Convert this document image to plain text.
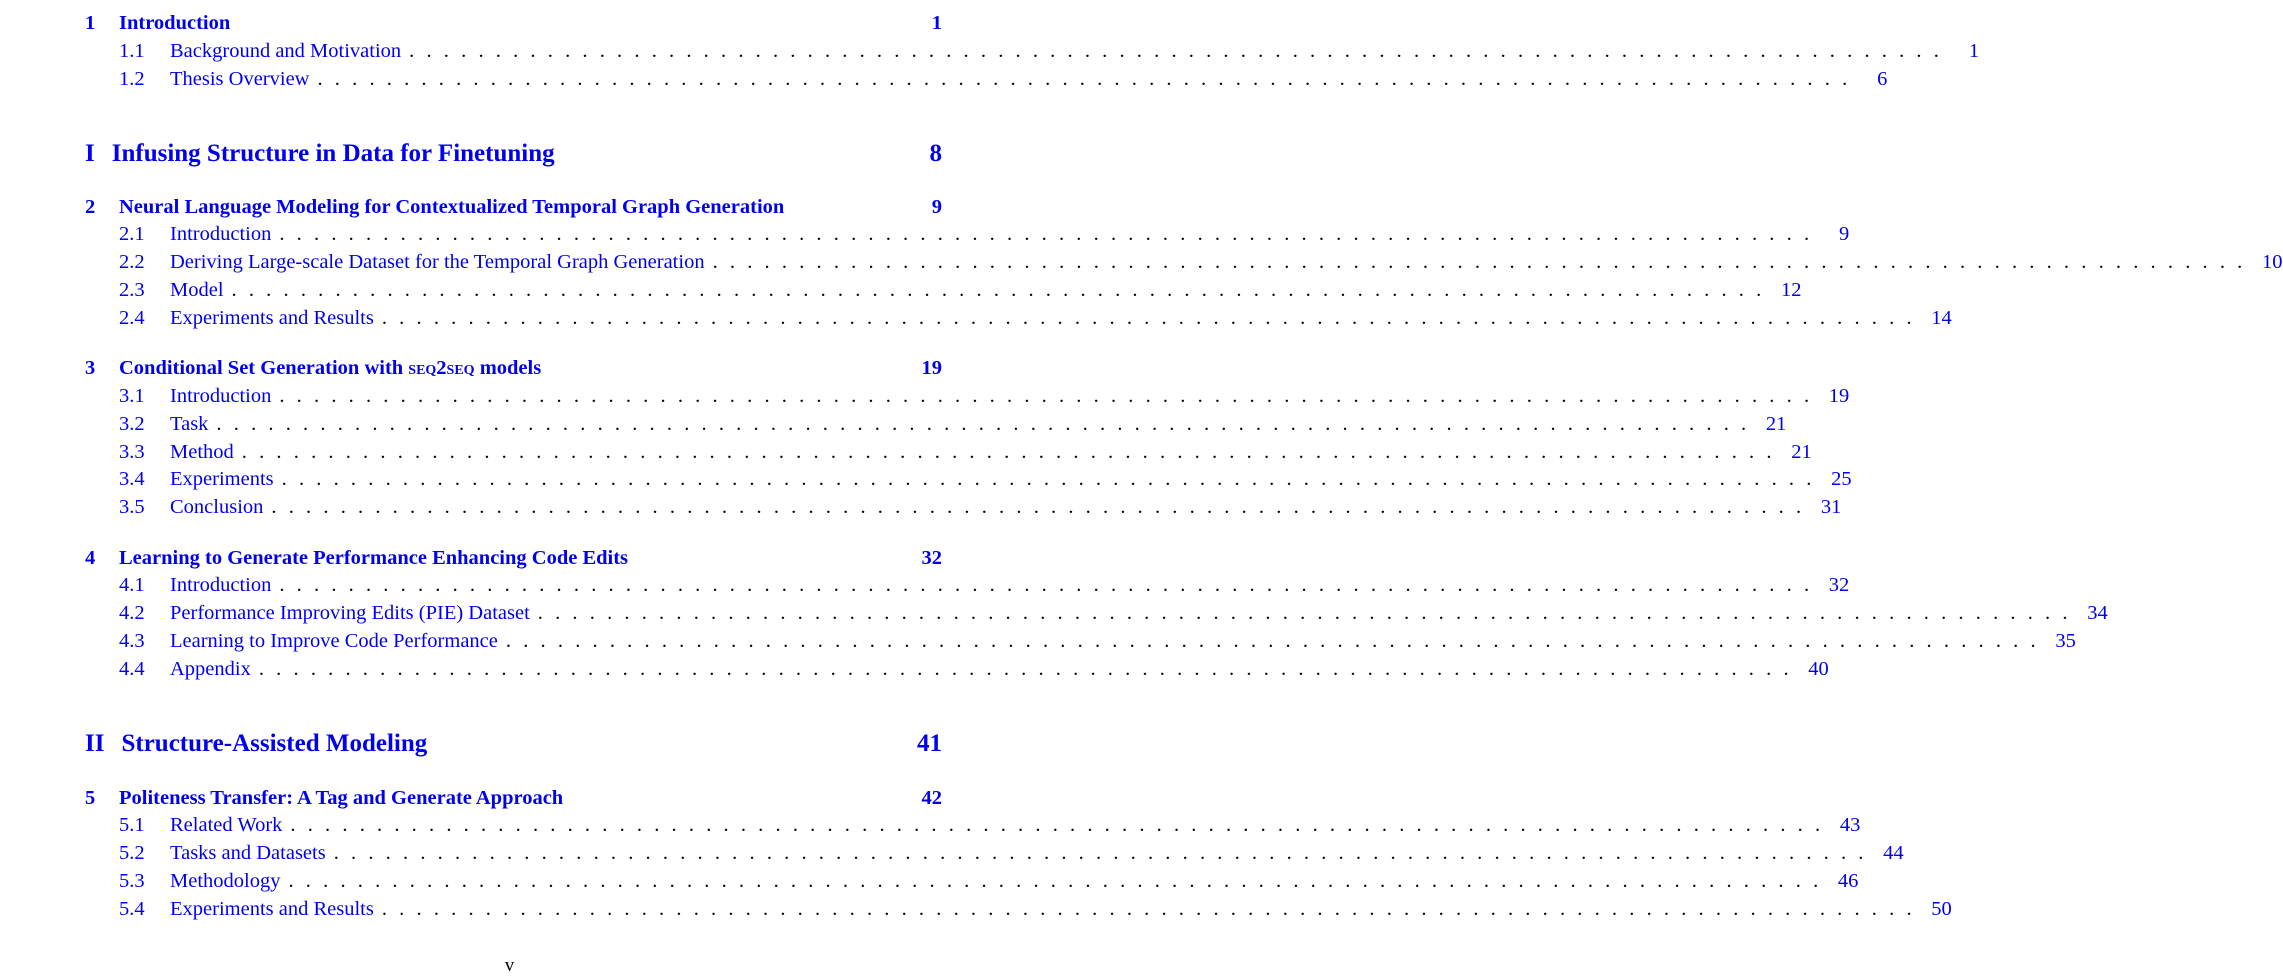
1	Introduction	1
1.1	Background and Motivation ......................................................................................... 1
1.2	Thesis Overview ......................................................................................... 6
I Infusing Structure in Data for Finetuning	8
2	Neural Language Modeling for Contextualized Temporal Graph Generation	9
2.1	Introduction ......................................................................................... 9
2.2	Deriving Large-scale Dataset for the Temporal Graph Generation ......................................................................................... 10
2.3	Model ......................................................................................... 12
2.4	Experiments and Results ......................................................................................... 14
3	Conditional Set Generation with seq2seq models	19
3.1	Introduction ......................................................................................... 19
3.2	Task ......................................................................................... 21
3.3	Method ......................................................................................... 21
3.4	Experiments ......................................................................................... 25
3.5	Conclusion ......................................................................................... 31
4	Learning to Generate Performance Enhancing Code Edits	32
4.1	Introduction ......................................................................................... 32
4.2	Performance Improving Edits (PIE) Dataset ......................................................................................... 34
4.3	Learning to Improve Code Performance ......................................................................................... 35
4.4	Appendix ......................................................................................... 40
II Structure-Assisted Modeling	41
5	Politeness Transfer: A Tag and Generate Approach	42
5.1	Related Work ......................................................................................... 43
5.2	Tasks and Datasets ......................................................................................... 44
5.3	Methodology ......................................................................................... 46
5.4	Experiments and Results ......................................................................................... 50
v
